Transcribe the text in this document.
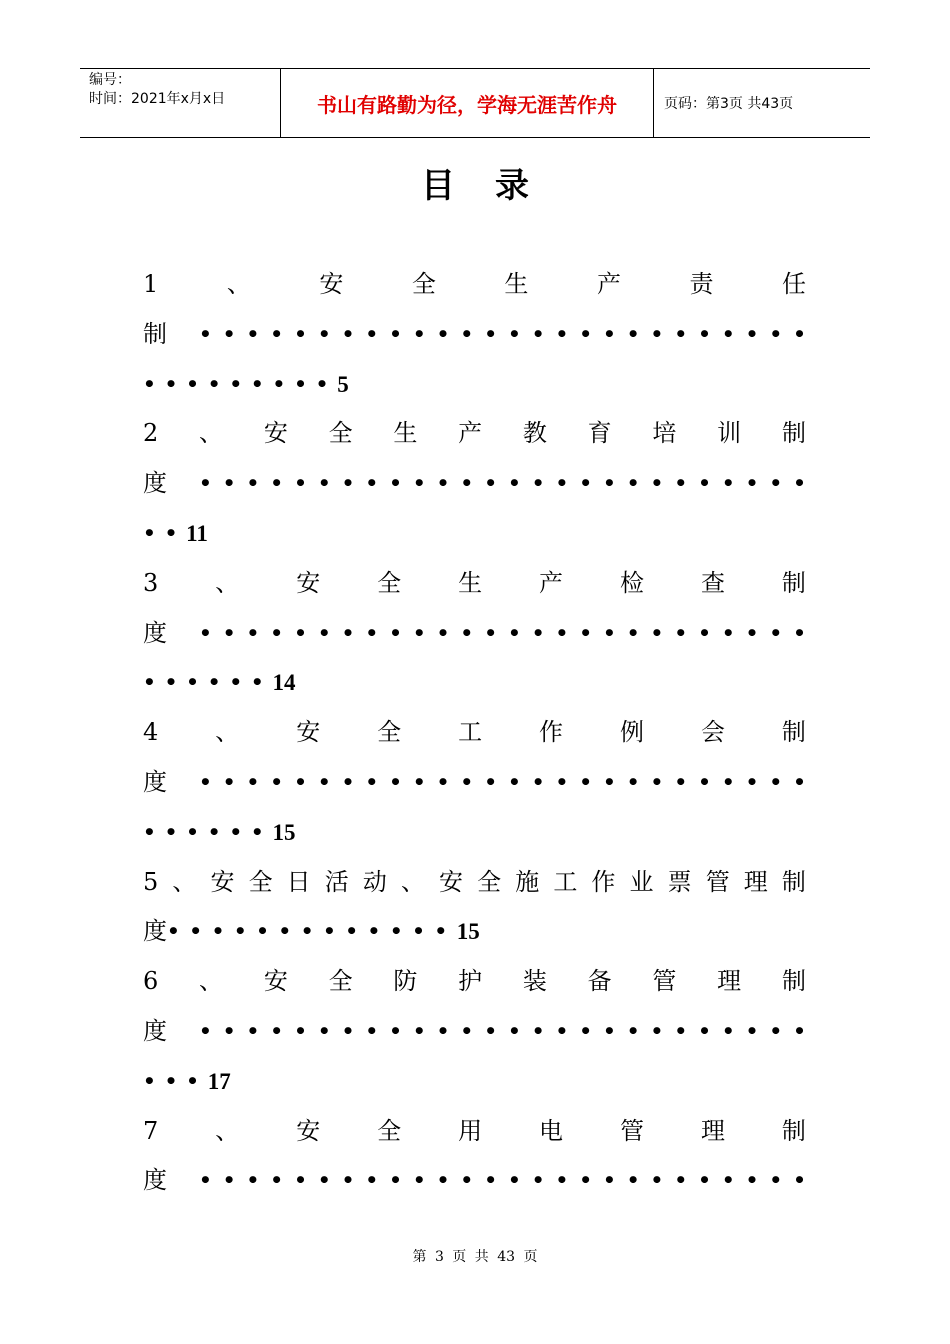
编号：
时间：2021年x月x日	书山有路勤为径，学海无涯苦作舟	页码：第3页 共43页
目录
1	、	安	全	生	产	责	任
制	• • • • • • • • • • • • • • • • • • • • • • • • • •
••••••••• 5
2 、 安 全 生 产 教 育 培 训 制
度	• • • • • • • • • • • • • • • • • • • • • • • • • •
•• 11
3 、 安 全 生 产 检 查 制
度	• • • • • • • • • • • • • • • • • • • • • • • • • •
•••••• 14
4 、 安 全 工 作 例 会 制
度	• • • • • • • • • • • • • • • • • • • • • • • • • •
•••••• 15
5 、 安 全 日 活 动 、 安 全 施 工 作 业 票 管 理 制
度 ••••••••••••• 15
6 、 安 全 防 护 装 备 管 理 制
度	• • • • • • • • • • • • • • • • • • • • • • • • • •
••• 17
7 、 安 全 用 电 管 理 制
度	• • • • • • • • • • • • • • • • • • • • • • • • • •
第 3 页 共 43 页
